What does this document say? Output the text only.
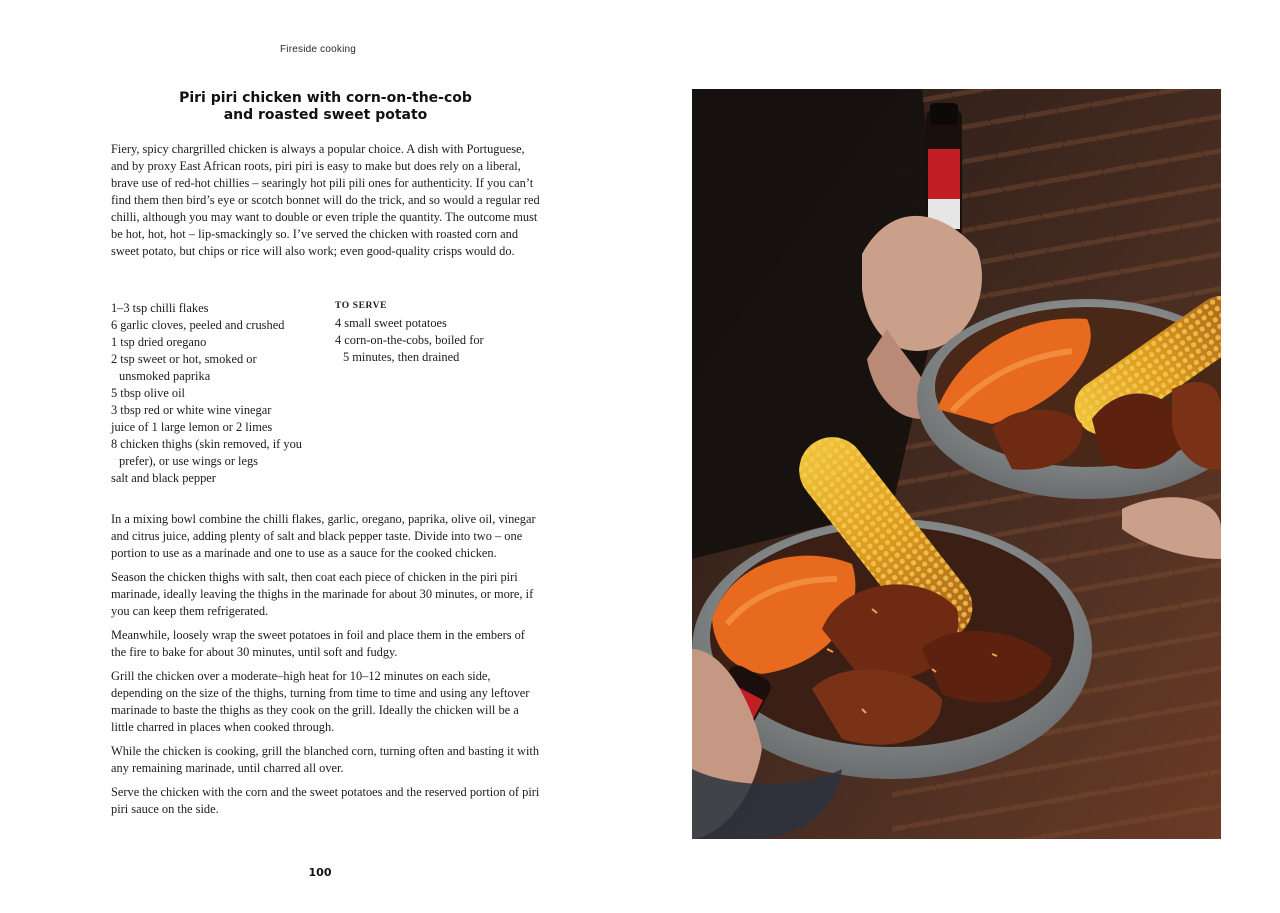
Fireside cooking
Piri piri chicken with corn-on-the-cob
and roasted sweet potato

Fiery, spicy chargrilled chicken is always a popular choice. A dish with Portuguese, and by proxy East African roots, piri piri is easy to make but does rely on a liberal, brave use of red-hot chillies – searingly hot pili pili ones for authenticity. If you can’t find them then bird’s eye or scotch bonnet will do the trick, and so would a regular red chilli, although you may want to double or even triple the quantity. The outcome must be hot, hot, hot – lip-smackingly so. I’ve served the chicken with roasted corn and sweet potato, but chips or rice will also work; even good-quality crisps would do.

1–3 tsp chilli flakes
6 garlic cloves, peeled and crushed
1 tsp dried oregano
2 tsp sweet or hot, smoked or
unsmoked paprika
5 tbsp olive oil
3 tbsp red or white wine vinegar
juice of 1 large lemon or 2 limes
8 chicken thighs (skin removed, if you
prefer), or use wings or legs
salt and black pepper
TO SERVE
4 small sweet potatoes
4 corn-on-the-cobs, boiled for
5 minutes, then drained

In a mixing bowl combine the chilli flakes, garlic, oregano, paprika, olive oil, vinegar and citrus juice, adding plenty of salt and black pepper taste. Divide into two – one portion to use as a marinade and one to use as a sauce for the cooked chicken.

Season the chicken thighs with salt, then coat each piece of chicken in the piri piri marinade, ideally leaving the thighs in the marinade for about 30 minutes, or more, if you can keep them refrigerated.

Meanwhile, loosely wrap the sweet potatoes in foil and place them in the embers of the fire to bake for about 30 minutes, until soft and fudgy.

Grill the chicken over a moderate–high heat for 10–12 minutes on each side, depending on the size of the thighs, turning from time to time and using any leftover marinade to baste the thighs as they cook on the grill. Ideally the chicken will be a little charred in places when cooked through.

While the chicken is cooking, grill the blanched corn, turning often and basting it with any remaining marinade, until charred all over.

Serve the chicken with the corn and the sweet potatoes and the reserved portion of piri piri sauce on the side.

100
